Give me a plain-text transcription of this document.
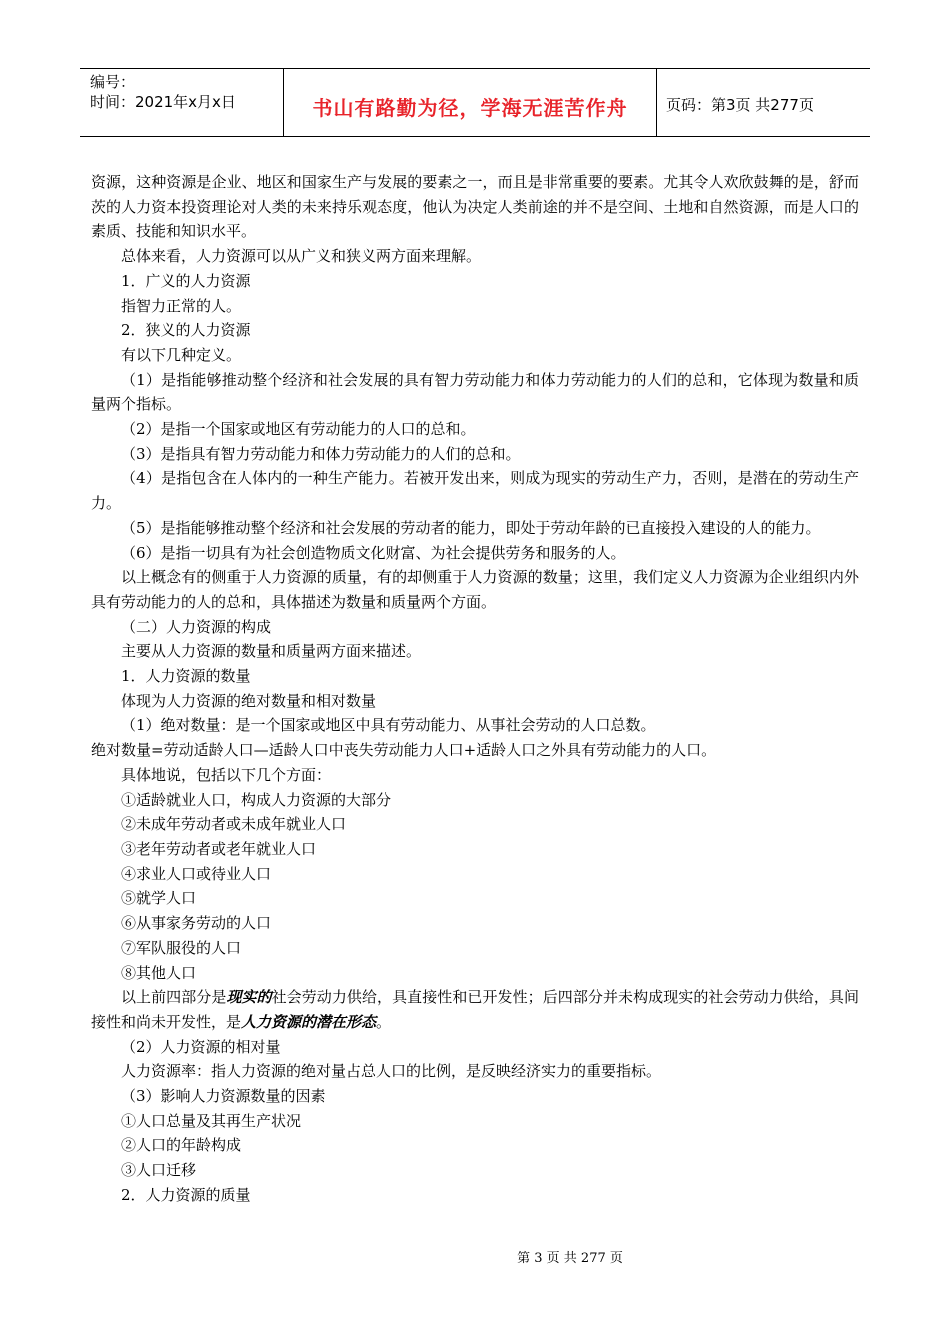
编号：
时间：2021年x月x日	书山有路勤为径，学海无涯苦作舟	页码：第3页 共277页

资源，这种资源是企业、地区和国家生产与发展的要素之一，而且是非常重要的要素。尤其令人欢欣鼓舞的是，舒而茨的人力资本投资理论对人类的未来持乐观态度，他认为决定人类前途的并不是空间、土地和自然资源，而是人口的素质、技能和知识水平。

总体来看，人力资源可以从广义和狭义两方面来理解。

1．广义的人力资源

指智力正常的人。

2．狭义的人力资源

有以下几种定义。

（1）是指能够推动整个经济和社会发展的具有智力劳动能力和体力劳动能力的人们的总和，它体现为数量和质量两个指标。

（2）是指一个国家或地区有劳动能力的人口的总和。

（3）是指具有智力劳动能力和体力劳动能力的人们的总和。

（4）是指包含在人体内的一种生产能力。若被开发出来，则成为现实的劳动生产力，否则，是潜在的劳动生产力。

（5）是指能够推动整个经济和社会发展的劳动者的能力，即处于劳动年龄的已直接投入建设的人的能力。

（6）是指一切具有为社会创造物质文化财富、为社会提供劳务和服务的人。

以上概念有的侧重于人力资源的质量，有的却侧重于人力资源的数量；这里，我们定义人力资源为企业组织内外具有劳动能力的人的总和，具体描述为数量和质量两个方面。

（二）人力资源的构成

主要从人力资源的数量和质量两方面来描述。

1．人力资源的数量

体现为人力资源的绝对数量和相对数量

（1）绝对数量：是一个国家或地区中具有劳动能力、从事社会劳动的人口总数。

绝对数量=劳动适龄人口—适龄人口中丧失劳动能力人口+适龄人口之外具有劳动能力的人口。

具体地说，包括以下几个方面：

①适龄就业人口，构成人力资源的大部分

②未成年劳动者或未成年就业人口

③老年劳动者或老年就业人口

④求业人口或待业人口

⑤就学人口

⑥从事家务劳动的人口

⑦军队服役的人口

⑧其他人口

以上前四部分是现实的社会劳动力供给，具直接性和已开发性；后四部分并未构成现实的社会劳动力供给，具间接性和尚未开发性，是人力资源的潜在形态。

（2）人力资源的相对量

人力资源率：指人力资源的绝对量占总人口的比例，是反映经济实力的重要指标。

（3）影响人力资源数量的因素

①人口总量及其再生产状况

②人口的年龄构成

③人口迁移

2．人力资源的质量

第 3 页 共 277 页
